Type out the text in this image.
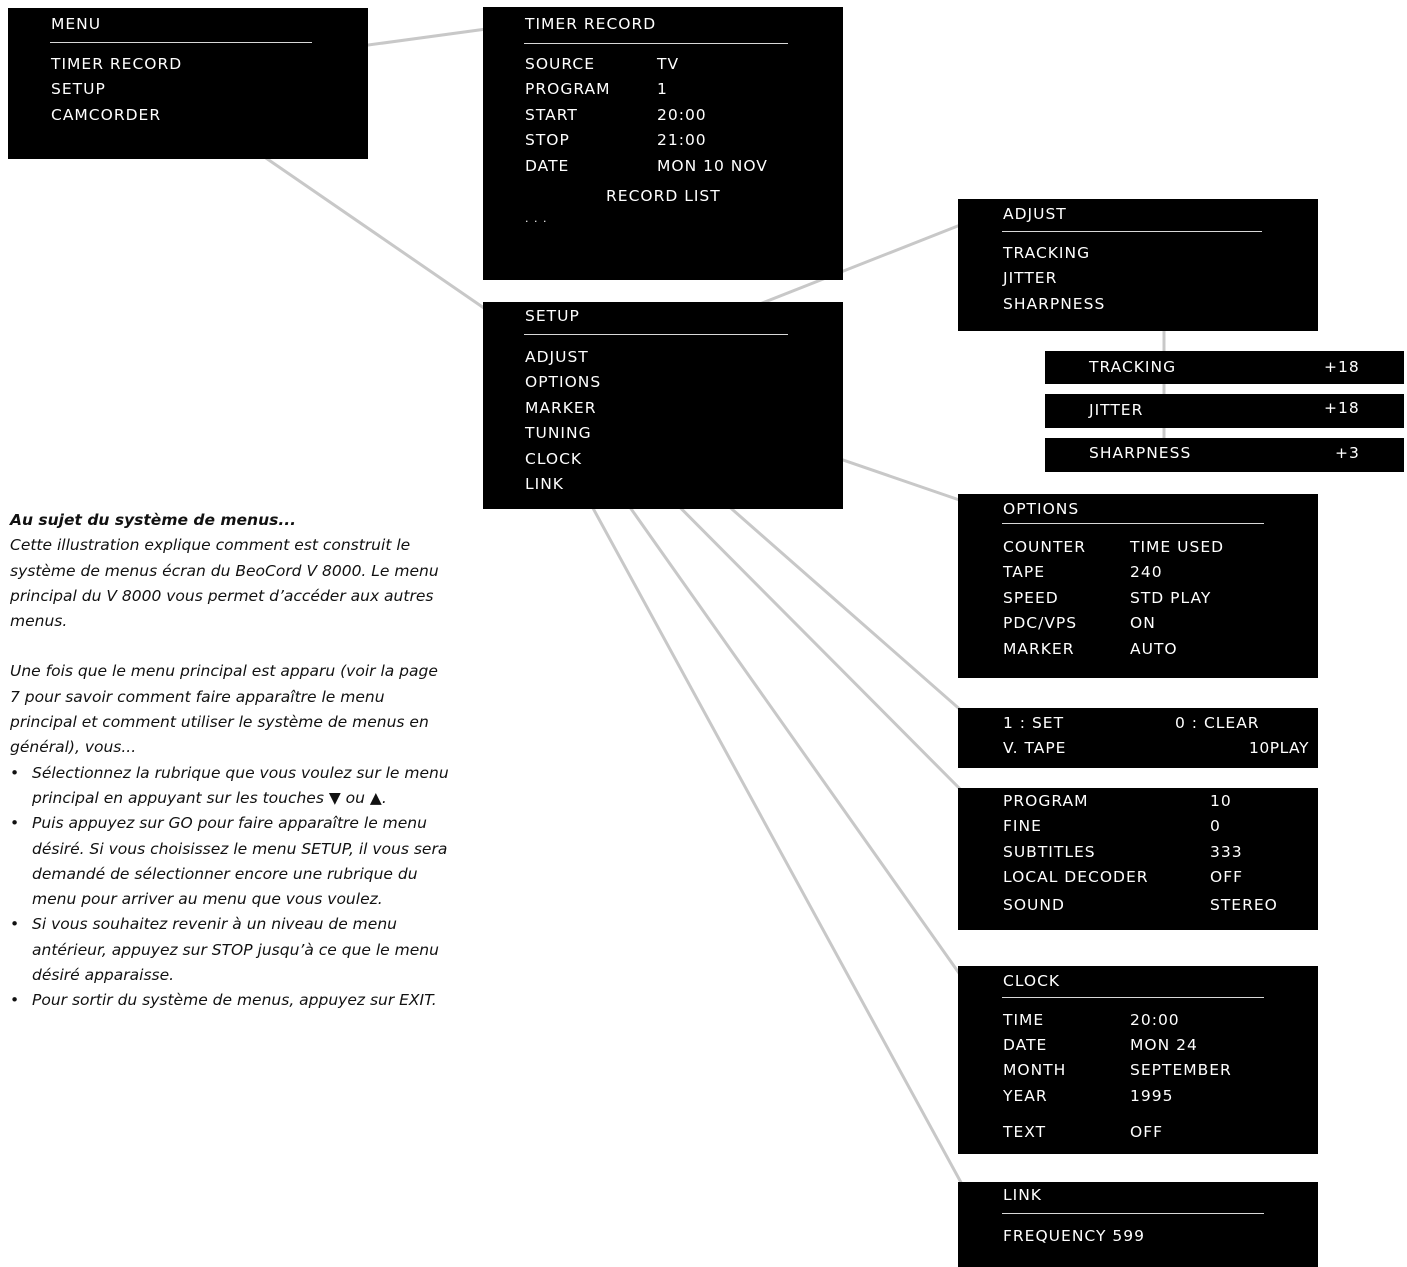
MENU
TIMER RECORD
SETUP
CAMCORDER
TIMER RECORD
SOURCE	TV
PROGRAM	1
START	20:00
STOP	21:00
DATE	MON 10 NOV
RECORD LIST
. . .
SETUP
ADJUST
OPTIONS
MARKER
TUNING
CLOCK
LINK
ADJUST
TRACKING
JITTER
SHARPNESS
TRACKING	+18
JITTER	+18
SHARPNESS	+3
OPTIONS
COUNTER	TIME USED
TAPE	240
SPEED	STD PLAY
PDC/VPS	ON
MARKER	AUTO
1 : SET	0 : CLEAR
V. TAPE	10PLAY
PROGRAM	10
FINE	0
SUBTITLES	333
LOCAL DECODER	OFF
SOUND	STEREO
CLOCK
TIME	20:00
DATE	MON 24
MONTH	SEPTEMBER
YEAR	1995
TEXT	OFF
LINK
FREQUENCY 599

Au sujet du système de menus...

Cette illustration explique comment est construit le système de menus écran du BeoCord V 8000. Le menu principal du V 8000 vous permet d’accéder aux autres menus.

Une fois que le menu principal est apparu (voir la page 7 pour savoir comment faire apparaître le menu principal et comment utiliser le système de menus en général), vous...

• Sélectionnez la rubrique que vous voulez sur le menu principal en appuyant sur les touches ▼ ou ▲.
• Puis appuyez sur GO pour faire apparaître le menu désiré. Si vous choisissez le menu SETUP, il vous sera demandé de sélectionner encore une rubrique du menu pour arriver au menu que vous voulez.
• Si vous souhaitez revenir à un niveau de menu antérieur, appuyez sur STOP jusqu’à ce que le menu désiré apparaisse.
• Pour sortir du système de menus, appuyez sur EXIT.
